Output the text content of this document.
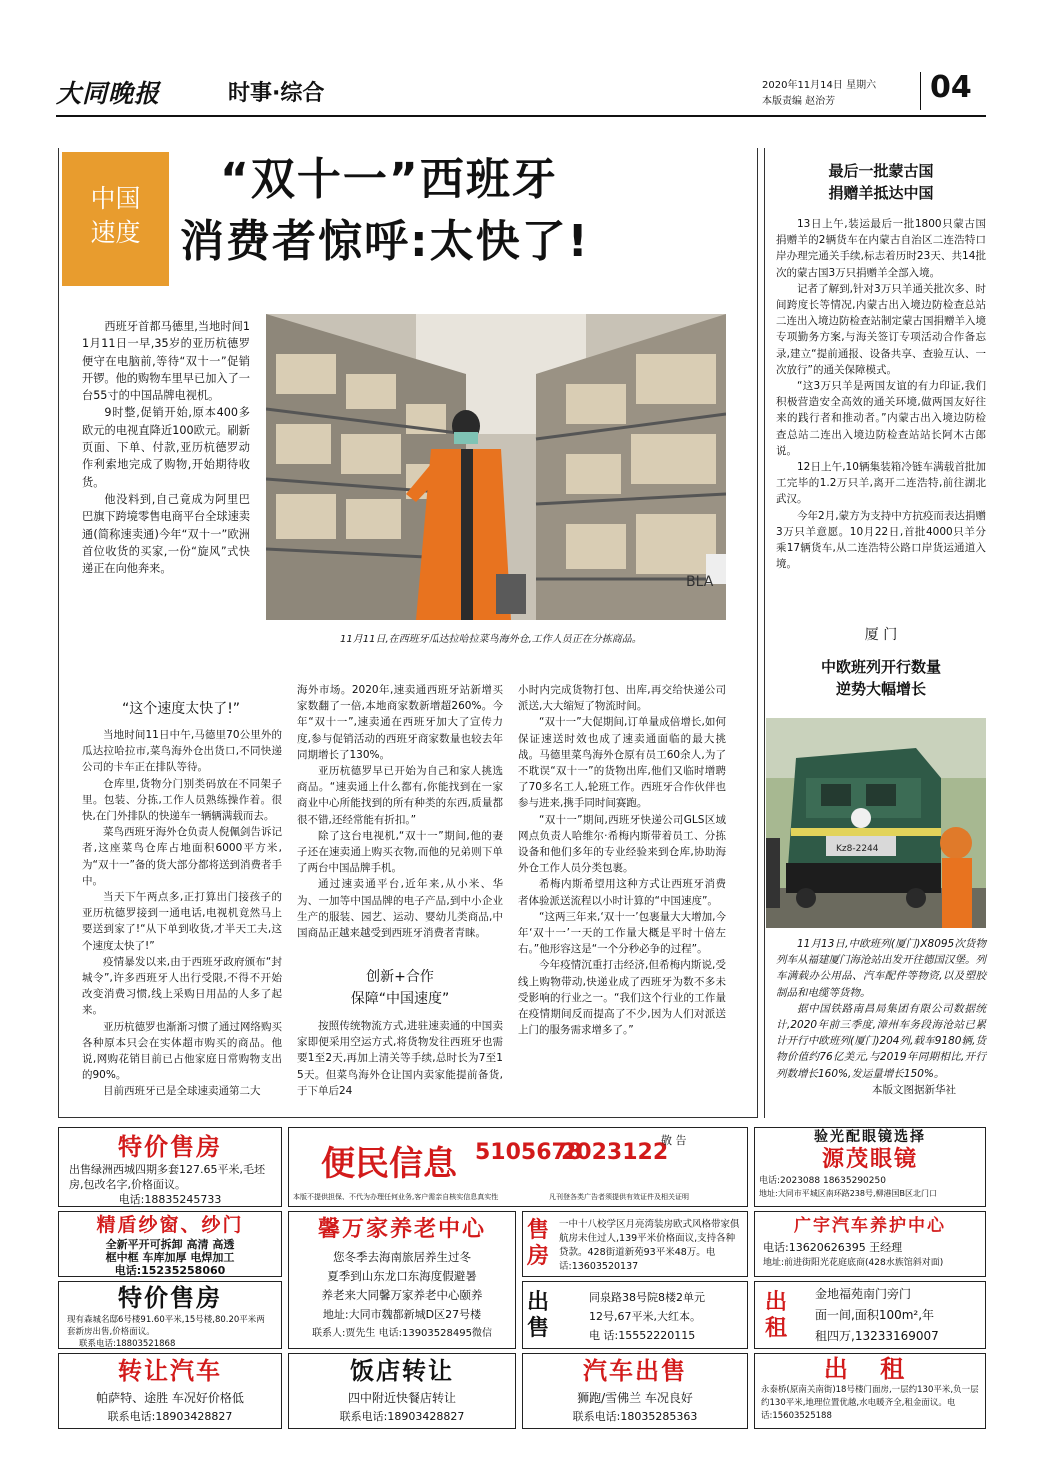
大同晚报	时事·综合	2020年11月14日 星期六
本版责编 赵治芳	04
中国
速度
“双十一”西班牙
消费者惊呼:太快了!

西班牙首都马德里,当地时间11月11日一早,35岁的亚历杭德罗便守在电脑前,等待“双十一”促销开锣。他的购物车里早已加入了一台55寸的中国品牌电视机。

9时整,促销开始,原本400多欧元的电视直降近100欧元。刷新页面、下单、付款,亚历杭德罗动作利索地完成了购物,开始期待收货。

他没料到,自己竟成为阿里巴巴旗下跨境零售电商平台全球速卖通(简称速卖通)今年“双十一”欧洲首位收货的买家,一份“旋风”式快递正在向他奔来。

BLA
11月11日,在西班牙瓜达拉哈拉菜鸟海外仓,工作人员正在分拣商品。
“这个速度太快了!”

当地时间11日中午,马德里70公里外的瓜达拉哈拉市,菜鸟海外仓出货口,不同快递公司的卡车正在排队等待。

仓库里,货物分门别类码放在不同架子里。包装、分拣,工作人员熟练操作着。很快,在门外排队的快递车一辆辆满载而去。

菜鸟西班牙海外仓负责人倪佩剑告诉记者,这座菜鸟仓库占地面积6000平方米,为“双十一”备的货大部分都将送到消费者手中。

当天下午两点多,正打算出门接孩子的亚历杭德罗接到一通电话,电视机竟然马上要送到家了!“从下单到收货,才半天工夫,这个速度太快了!”

疫情暴发以来,由于西班牙政府颁布“封城令”,许多西班牙人出行受限,不得不开始改变消费习惯,线上采购日用品的人多了起来。

亚历杭德罗也渐渐习惯了通过网络购买各种原本只会在实体超市购买的商品。他说,网购花销目前已占他家庭日常购物支出的90%。

目前西班牙已是全球速卖通第二大

海外市场。2020年,速卖通西班牙站新增买家数翻了一倍,本地商家数新增超260%。今年“双十一”,速卖通在西班牙加大了宣传力度,参与促销活动的西班牙商家数量也较去年同期增长了130%。

亚历杭德罗早已开始为自己和家人挑选商品。“速卖通上什么都有,你能找到在一家商业中心所能找到的所有种类的东西,质量都很不错,还经常能有折扣。”

除了这台电视机,“双十一”期间,他的妻子还在速卖通上购买衣物,而他的兄弟则下单了两台中国品牌手机。

通过速卖通平台,近年来,从小米、华为、一加等中国品牌的电子产品,到中小企业生产的服装、园艺、运动、婴幼儿类商品,中国商品正越来越受到西班牙消费者青睐。

创新+合作
保障“中国速度”

按照传统物流方式,进驻速卖通的中国卖家即便采用空运方式,将货物发往西班牙也需要1至2天,再加上清关等手续,总时长为7至15天。但菜鸟海外仓让国内卖家能提前备货,于下单后24

小时内完成货物打包、出库,再交给快递公司派送,大大缩短了物流时间。

“双十一”大促期间,订单量成倍增长,如何保证速送时效也成了速卖通面临的最大挑战。马德里菜鸟海外仓原有员工60余人,为了不耽误“双十一”的货物出库,他们又临时增聘了70多名工人,轮班工作。西班牙合作伙伴也参与进来,携手同时间赛跑。

“双十一”期间,西班牙快递公司GLS区域网点负责人哈维尔·希梅内斯带着员工、分拣设备和他们多年的专业经验来到仓库,协助海外仓工作人员分类包裹。

希梅内斯希望用这种方式让西班牙消费者体验派送流程以小时计算的“中国速度”。

“这两三年来,‘双十一’包裹量大大增加,今年‘双十一’一天的工作量大概是平时十倍左右。”他形容这是“一个分秒必争的过程”。

今年疫情沉重打击经济,但希梅内斯说,受线上购物带动,快递业成了西班牙为数不多未受影响的行业之一。“我们这个行业的工作量在疫情期间反而提高了不少,因为人们对派送上门的服务需求增多了。”

最后一批蒙古国
捐赠羊抵达中国

13日上午,装运最后一批1800只蒙古国捐赠羊的2辆货车在内蒙古自治区二连浩特口岸办理完通关手续,标志着历时23天、共14批次的蒙古国3万只捐赠羊全部入境。

记者了解到,针对3万只羊通关批次多、时间跨度长等情况,内蒙古出入境边防检查总站二连出入境边防检查站制定蒙古国捐赠羊入境专项勤务方案,与海关签订专项活动合作备忘录,建立“提前通报、设备共享、查验互认、一次放行”的通关保障模式。

“这3万只羊是两国友谊的有力印证,我们积极营造安全高效的通关环境,做两国友好往来的践行者和推动者。”内蒙古出入境边防检查总站二连出入境边防检查站站长阿木古郎说。

12日上午,10辆集装箱冷链车满载首批加工完毕的1.2万只羊,离开二连浩特,前往湖北武汉。

今年2月,蒙方为支持中方抗疫而表达捐赠3万只羊意愿。10月22日,首批4000只羊分乘17辆货车,从二连浩特公路口岸货运通道入境。

厦 门
中欧班列开行数量
逆势大幅增长
Kz8-2244
11月13日,中欧班列(厦门)X8095次货物列车从福建厦门海沧站出发开往德国汉堡。列车满载办公用品、汽车配件等物资,以及塑胶制品和电缆等货物。
据中国铁路南昌局集团有限公司数据统计,2020年前三季度,漳州车务段海沧站已累计开行中欧班列(厦门)204列,载车9180辆,货物价值约76亿美元,与2019年同期相比,开行列数增长160%,发运量增长150%。
本版文图据新华社
特价售房
出售绿洲西城四期多套127.65平米,毛坯房,包改名字,价格面议。
电话:18835245733
便民信息 5105678
2023122
敬 告
本版不提供担保、不代为办理任何业务,客户需亲自核实信息真实性	凡刊登各类广告者须提供有效证件及相关证明
验光配眼镜选择
源茂眼镜
电话:2023088 18635290250
地址:大同市平城区南环路238号,柳港国B区北门口
精盾纱窗、纱门
全新平开可拆卸 高清 高透
框中框 车库加厚 电焊加工
电话:15235258060
馨万家养老中心
您冬季去海南旅居养生过冬
夏季到山东龙口东海度假避暑
养老来大同馨万家养老中心颐养
地址:大同市魏都新城D区27号楼
联系人:贾先生 电话:13903528495微信
售房
一中十八校学区月亮湾装房欧式风格带家俱航房未住过人,139平米价格面议,支持各种贷款。428街道新苑93平米48万。电话:13603520137
广宇汽车养护中心
电话:13620626395 王经理
地址:前进街阳光花庭底商(428水族馆斜对面)
特价售房
现有森城名邸6号楼91.60平米,15号楼,80.20平米两套新房出售,价格面议。
联系电话:18803521868
出售
同泉路38号院8楼2单元
12号,67平米,大红本。
电 话:15552220115
出租
金地福苑南门旁门
面一间,面积100m²,年
租四万,13233169007
转让汽车
帕萨特、途胜 车况好价格低
联系电话:18903428827
饭店转让
四中附近快餐店转让
联系电话:18903428827
汽车出售
狮跑/雪佛兰 车况良好
联系电话:18035285363
出 租
永泰桥(原南关南街)18号楼门面房,一层约130平米,负一层约130平米,地理位置优越,水电暖齐全,租金面议。电话:15603525188
